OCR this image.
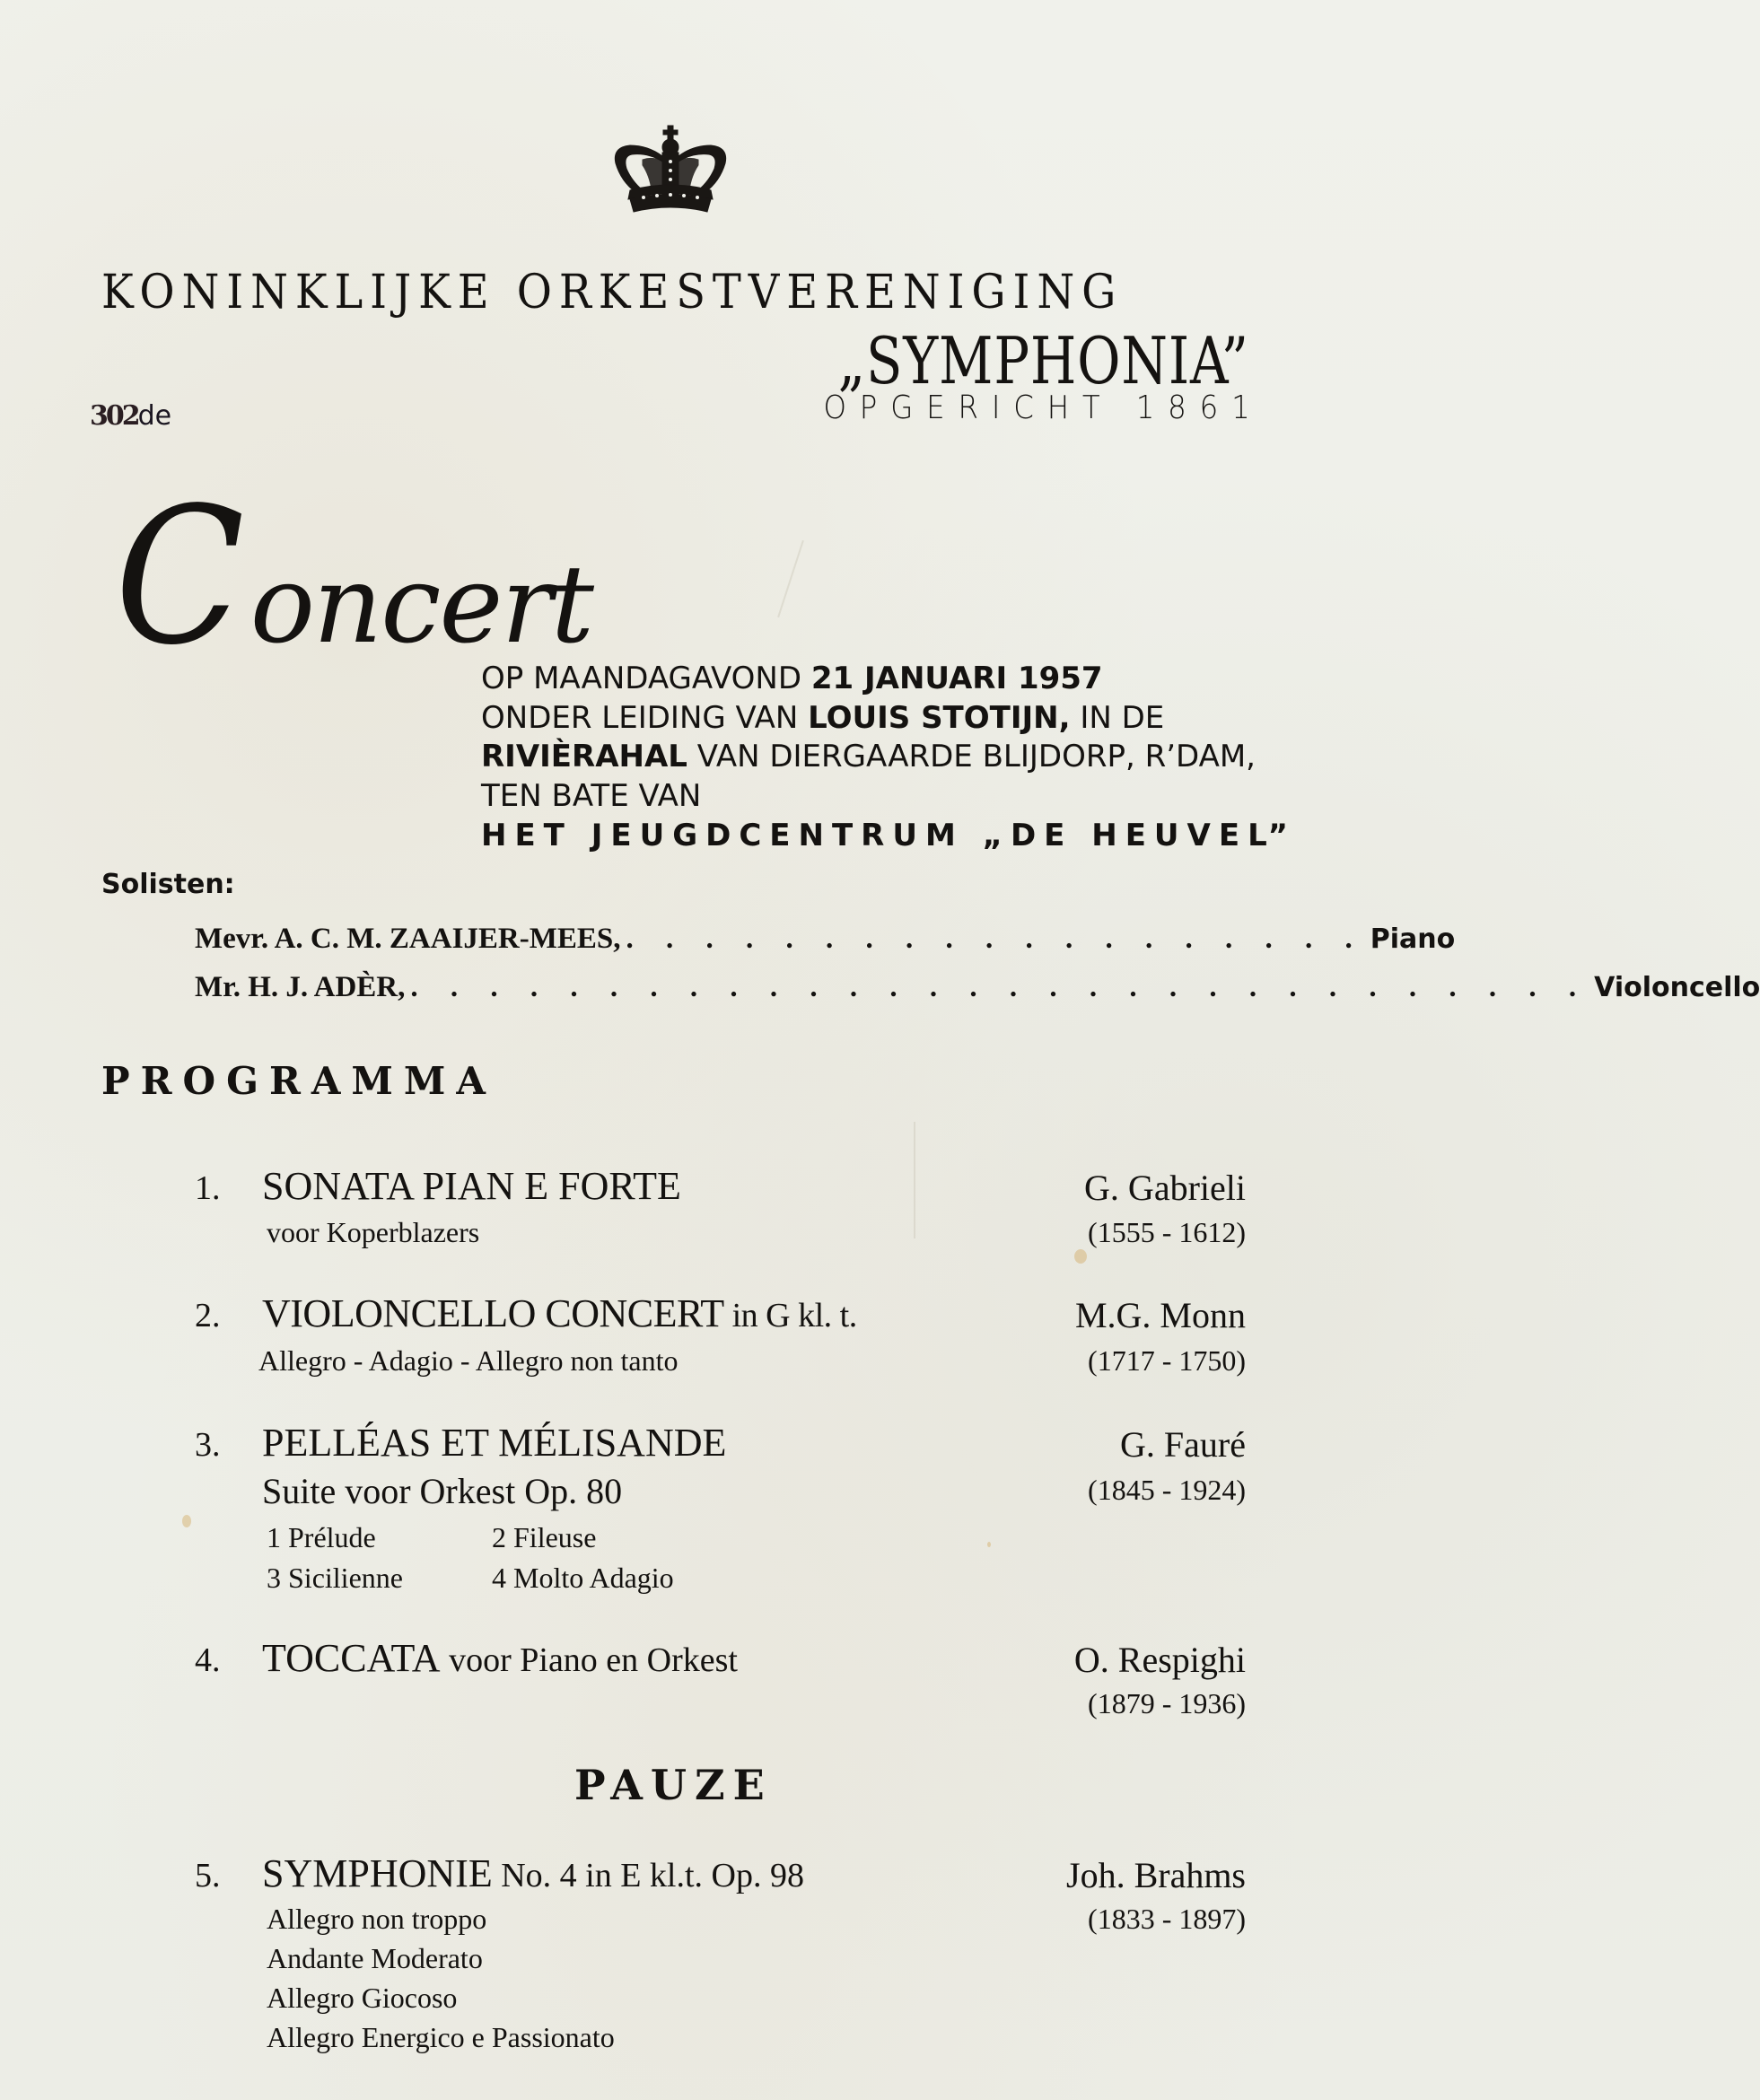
KONINKLIJKE ORKESTVERENIGING
„SYMPHONIA”
OPGERICHT 1861
302de
Concert
OP MAANDAGAVOND 21 JANUARI 1957
ONDER LEIDING VAN LOUIS STOTIJN, IN DE
RIVIÈRAHAL VAN DIERGAARDE BLIJDORP, R’DAM,
TEN BATE VAN
HET JEUGDCENTRUM „DE HEUVEL”
Solisten:
Mevr. A. C. M. ZAAIJER-MEES, . . . . . . . . . . . . . . . . . . . Piano
Mr. H. J. ADÈR, . . . . . . . . . . . . . . . . . . . . . . . . . . . . . . Violoncello
PROGRAMMA
1. SONATA PIAN E FORTE
voor Koperblazers
G. Gabrieli
(1555 - 1612)
2. VIOLONCELLO CONCERT in G kl. t.
Allegro - Adagio - Allegro non tanto
M.G. Monn
(1717 - 1750)
3. PELLÉAS ET MÉLISANDE
Suite voor Orkest Op. 80
1 Prélude	2 Fileuse
3 Sicilienne	4 Molto Adagio
G. Fauré
(1845 - 1924)
4. TOCCATA voor Piano en Orkest	O. Respighi
(1879 - 1936)
PAUZE
5. SYMPHONIE No. 4 in E kl.t. Op. 98	Joh. Brahms
(1833 - 1897)
Allegro non troppo
Andante Moderato
Allegro Giocoso
Allegro Energico e Passionato
